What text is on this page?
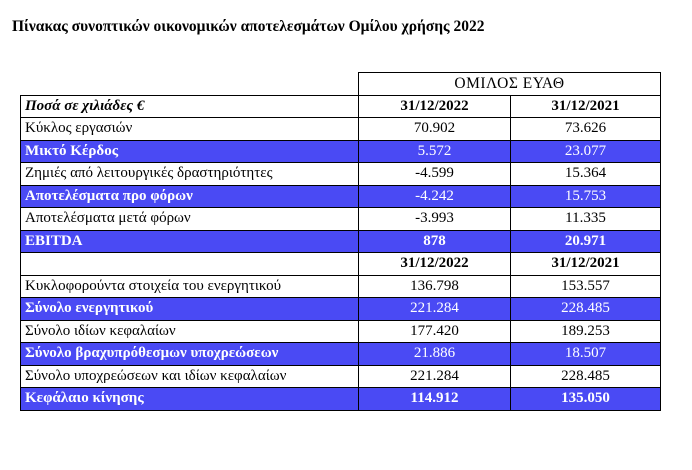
Πίνακας συνοπτικών οικονομικών αποτελεσμάτων Ομίλου χρήσης 2022
	ΟΜΙΛΟΣ ΕΥΑΘ	
Ποσά σε χιλιάδες €	31/12/2022	31/12/2021
Κύκλος εργασιών	70.902	73.626
Μικτό Κέρδος	5.572	23.077
Ζημιές από λειτουργικές δραστηριότητες	-4.599	15.364
Αποτελέσματα προ φόρων	-4.242	15.753
Αποτελέσματα μετά φόρων	-3.993	11.335
EBITDA	878	20.971
	31/12/2022	31/12/2021
Κυκλοφορούντα στοιχεία του ενεργητικού	136.798	153.557
Σύνολο ενεργητικού	221.284	228.485
Σύνολο ιδίων κεφαλαίων	177.420	189.253
Σύνολο βραχυπρόθεσμων υποχρεώσεων	21.886	18.507
Σύνολο υποχρεώσεων και ιδίων κεφαλαίων	221.284	228.485
Κεφάλαιο κίνησης	114.912	135.050
